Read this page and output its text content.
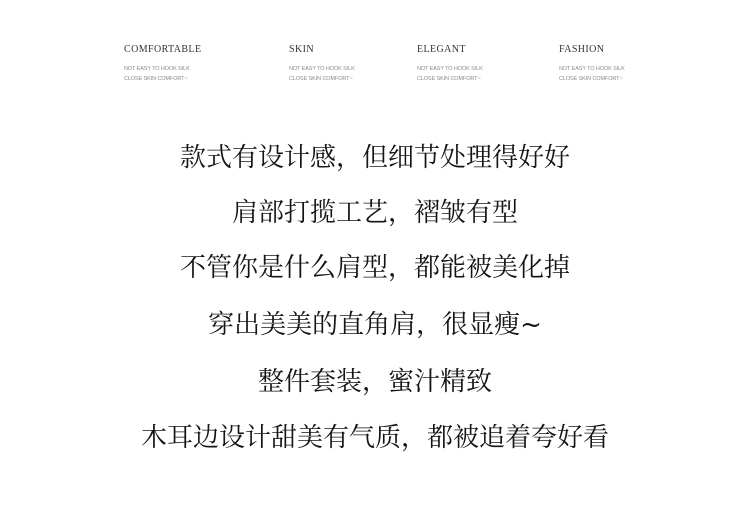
COMFORTABLE
NOT EASY TO HOOK SILK
CLOSE SKIN COMFORT~
SKIN
NOT EASY TO HOOK SILK
CLOSE SKIN COMFORT~
ELEGANT
NOT EASY TO HOOK SILK
CLOSE SKIN COMFORT~
FASHION
NOT EASY TO HOOK SILK
CLOSE SKIN COMFORT~
款式有设计感，但细节处理得好好
肩部打揽工艺，褶皱有型
不管你是什么肩型，都能被美化掉
穿出美美的直角肩，很显瘦~
整件套装，蜜汁精致
木耳边设计甜美有气质，都被追着夸好看
